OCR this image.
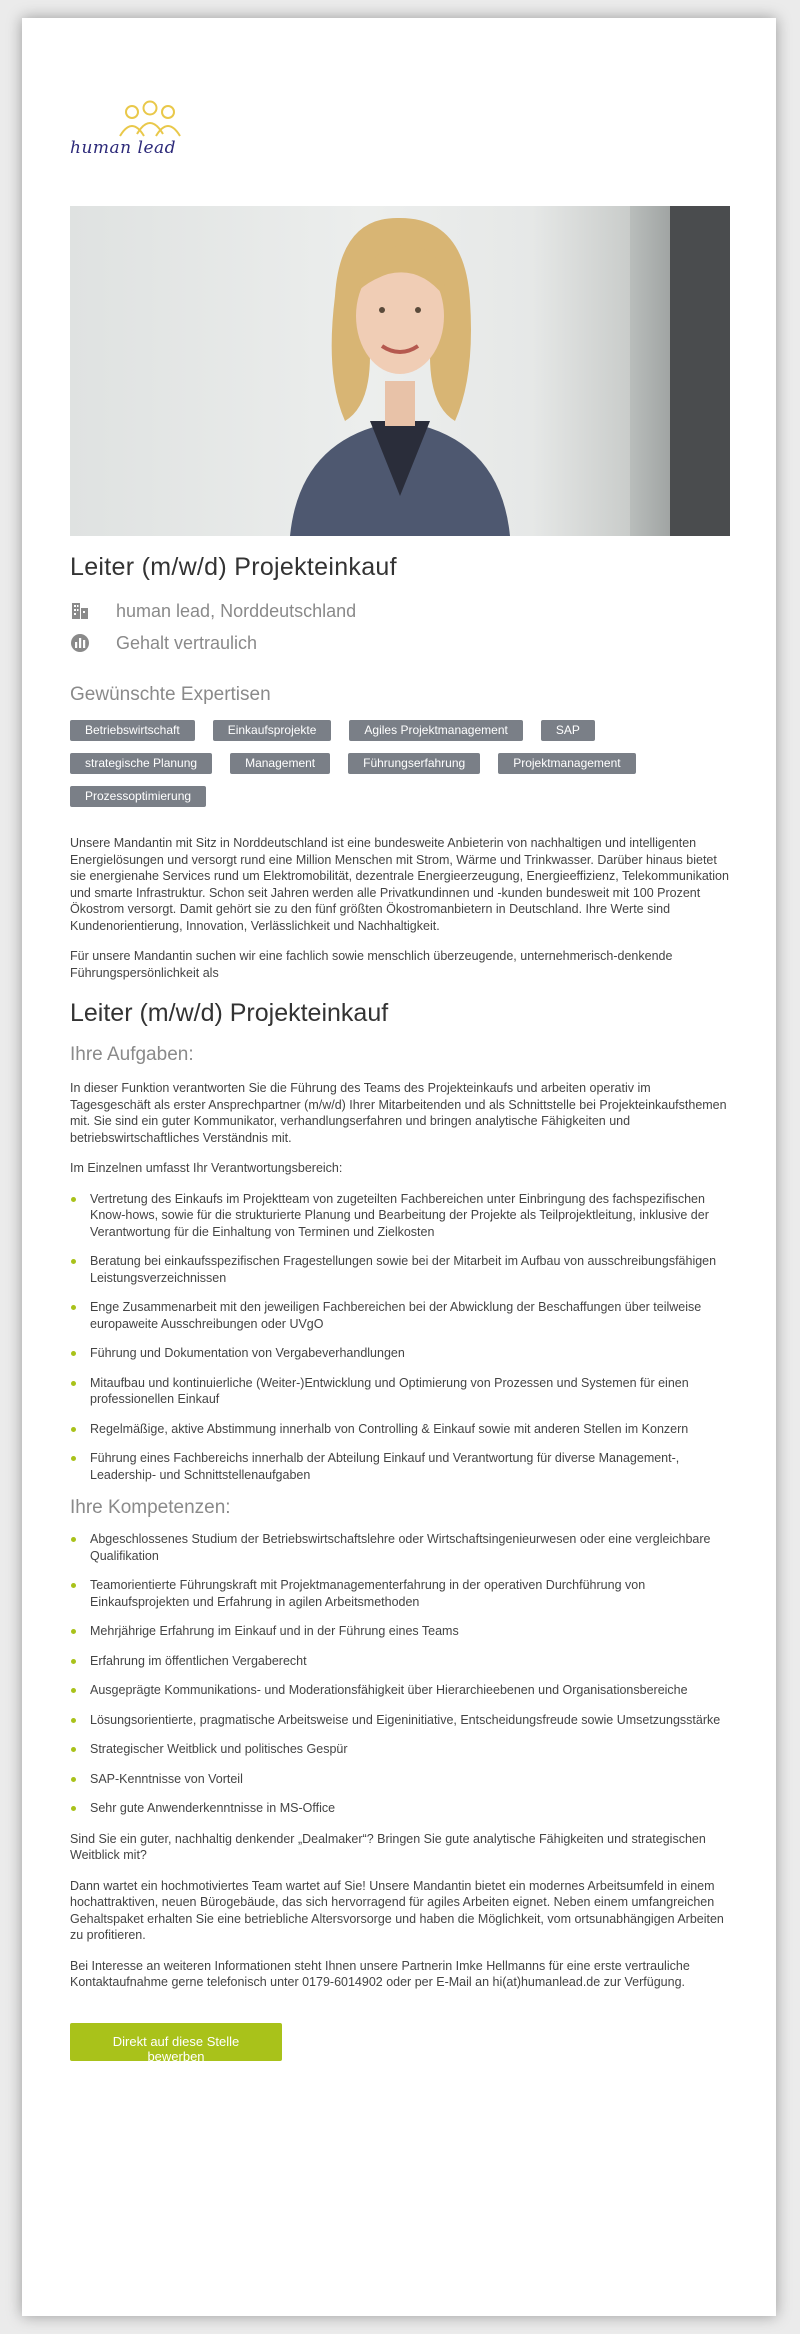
human lead
Leiter (m/w/d) Projekteinkauf
human lead, Norddeutschland
Gehalt vertraulich
Gewünschte Expertisen
Betriebswirtschaft	Einkaufsprojekte	Agiles Projektmanagement	SAP
strategische Planung	Management	Führungserfahrung	Projektmanagement
Prozessoptimierung

Unsere Mandantin mit Sitz in Norddeutschland ist eine bundesweite Anbieterin von nachhaltigen und intelligenten Energielösungen und versorgt rund eine Million Menschen mit Strom, Wärme und Trinkwasser. Darüber hinaus bietet sie energienahe Services rund um Elektromobilität, dezentrale Energieerzeugung, Energieeffizienz, Telekommunikation und smarte Infrastruktur. Schon seit Jahren werden alle Privatkundinnen und -kunden bundesweit mit 100 Prozent Ökostrom versorgt. Damit gehört sie zu den fünf größten Ökostromanbietern in Deutschland. Ihre Werte sind Kundenorientierung, Innovation, Verlässlichkeit und Nachhaltigkeit.

Für unsere Mandantin suchen wir eine fachlich sowie menschlich überzeugende, unternehmerisch-denkende Führungspersönlichkeit als

Leiter (m/w/d) Projekteinkauf
Ihre Aufgaben:

In dieser Funktion verantworten Sie die Führung des Teams des Projekteinkaufs und arbeiten operativ im Tagesgeschäft als erster Ansprechpartner (m/w/d) Ihrer Mitarbeitenden und als Schnittstelle bei Projekteinkaufsthemen mit. Sie sind ein guter Kommunikator, verhandlungserfahren und bringen analytische Fähigkeiten und betriebswirtschaftliches Verständnis mit.

Im Einzelnen umfasst Ihr Verantwortungsbereich:

Vertretung des Einkaufs im Projektteam von zugeteilten Fachbereichen unter Einbringung des fachspezifischen Know-hows, sowie für die strukturierte Planung und Bearbeitung der Projekte als Teilprojektleitung, inklusive der Verantwortung für die Einhaltung von Terminen und Zielkosten
Beratung bei einkaufsspezifischen Fragestellungen sowie bei der Mitarbeit im Aufbau von ausschreibungsfähigen Leistungsverzeichnissen
Enge Zusammenarbeit mit den jeweiligen Fachbereichen bei der Abwicklung der Beschaffungen über teilweise europaweite Ausschreibungen oder UVgO
Führung und Dokumentation von Vergabeverhandlungen
Mitaufbau und kontinuierliche (Weiter-)Entwicklung und Optimierung von Prozessen und Systemen für einen professionellen Einkauf
Regelmäßige, aktive Abstimmung innerhalb von Controlling & Einkauf sowie mit anderen Stellen im Konzern
Führung eines Fachbereichs innerhalb der Abteilung Einkauf und Verantwortung für diverse Management-, Leadership- und Schnittstellenaufgaben
Ihre Kompetenzen:
Abgeschlossenes Studium der Betriebswirtschaftslehre oder Wirtschaftsingenieurwesen oder eine vergleichbare Qualifikation
Teamorientierte Führungskraft mit Projektmanagementerfahrung in der operativen Durchführung von Einkaufsprojekten und Erfahrung in agilen Arbeitsmethoden
Mehrjährige Erfahrung im Einkauf und in der Führung eines Teams
Erfahrung im öffentlichen Vergaberecht
Ausgeprägte Kommunikations- und Moderationsfähigkeit über Hierarchieebenen und Organisationsbereiche
Lösungsorientierte, pragmatische Arbeitsweise und Eigeninitiative, Entscheidungsfreude sowie Umsetzungsstärke
Strategischer Weitblick und politisches Gespür
SAP-Kenntnisse von Vorteil
Sehr gute Anwenderkenntnisse in MS-Office

Sind Sie ein guter, nachhaltig denkender „Dealmaker“? Bringen Sie gute analytische Fähigkeiten und strategischen Weitblick mit?

Dann wartet ein hochmotiviertes Team wartet auf Sie! Unsere Mandantin bietet ein modernes Arbeitsumfeld in einem hochattraktiven, neuen Bürogebäude, das sich hervorragend für agiles Arbeiten eignet. Neben einem umfangreichen Gehaltspaket erhalten Sie eine betriebliche Altersvorsorge und haben die Möglichkeit, vom ortsunabhängigen Arbeiten zu profitieren.

Bei Interesse an weiteren Informationen steht Ihnen unsere Partnerin Imke Hellmanns für eine erste vertrauliche Kontaktaufnahme gerne telefonisch unter 0179-6014902 oder per E-Mail an hi(at)humanlead.de zur Verfügung.

Direkt auf diese Stelle bewerben
